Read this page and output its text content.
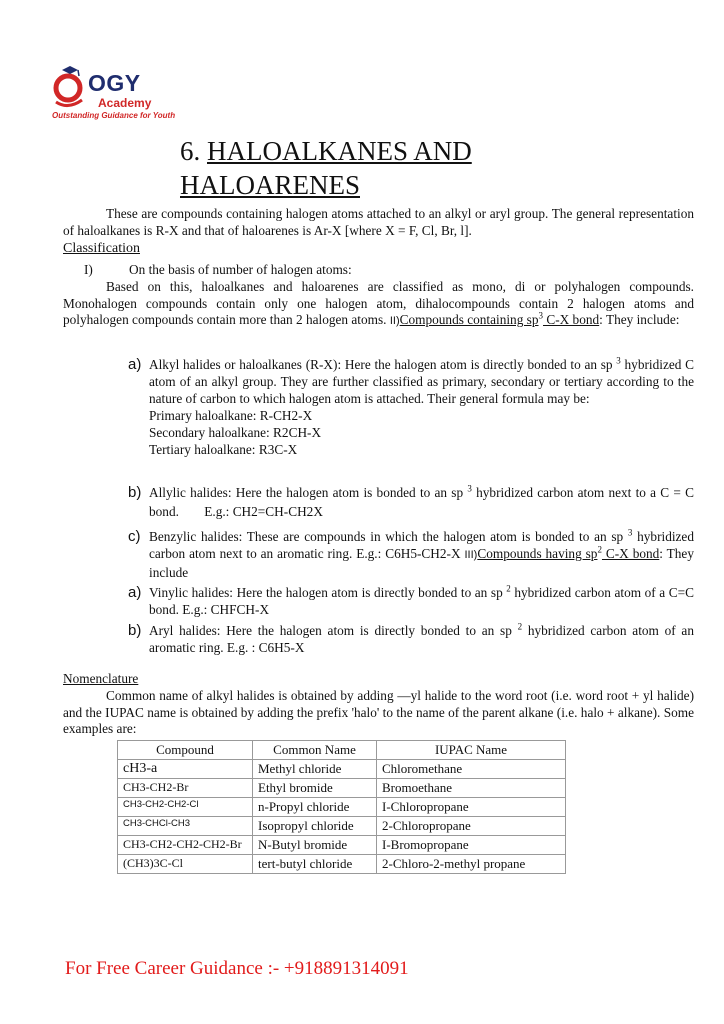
OGY
Academy
Outstanding Guidance for Youth
6. HALOALKANES AND
HALOARENES
These are compounds containing halogen atoms attached to an alkyl or aryl group. The general representation of haloalkanes is R-X and that of haloarenes is Ar-X [where X = F, Cl, Br, l].
Classification
I)	On the basis of number of halogen atoms:
Based on this, haloalkanes and haloarenes are classified as mono, di or polyhalogen compounds. Monohalogen compounds contain only one halogen atom, dihalocompounds contain 2 halogen atoms and polyhalogen compounds contain more than 2 halogen atoms. II)Compounds containing $sp^3$ C-X bond: They include:
a) Alkyl halides or haloalkanes (R-X): Here the halogen atom is directly bonded to an sp $^3$ hybridized C atom of an alkyl group. They are further classified as primary, secondary or tertiary according to the nature of carbon to which halogen atom is attached. Their general formula may be:
Primary haloalkane: R-CH2-X
Secondary haloalkane: R2CH-X
Tertiary haloalkane: R3C-X
b) Allylic halides: Here the halogen atom is bonded to an sp $^3$ hybridized carbon atom next to a C = C bond. E.g.: CH2=CH-CH2X
c) Benzylic halides: These are compounds in which the halogen atom is bonded to an sp $^3$ hybridized carbon atom next to an aromatic ring. E.g.: C6H5-CH2-X III)Compounds having $sp^2$ C-X bond: They include
a) Vinylic halides: Here the halogen atom is directly bonded to an sp $^2$ hybridized carbon atom of a C=C bond. E.g.: CHFCH-X
b) Aryl halides: Here the halogen atom is directly bonded to an sp $^2$ hybridized carbon atom of an aromatic ring. E.g. : C6H5-X
Nomenclature
Common name of alkyl halides is obtained by adding —yl halide to the word root (i.e. word root + yl halide) and the IUPAC name is obtained by adding the prefix 'halo' to the name of the parent alkane (i.e. halo + alkane). Some examples are:
Compound	Common Name	IUPAC Name
cH3-a	Methyl chloride	Chloromethane
CH3-CH2-Br	Ethyl bromide	Bromoethane
CH3-CH2-CH2-Cl	n-Propyl chloride	I-Chloropropane
CH3-CHCl-CH3	Isopropyl chloride	2-Chloropropane
CH3-CH2-CH2-CH2-Br	N-Butyl bromide	I-Bromopropane
(CH3)3C-Cl	tert-butyl chloride	2-Chloro-2-methyl propane
For Free Career Guidance :- +918891314091
